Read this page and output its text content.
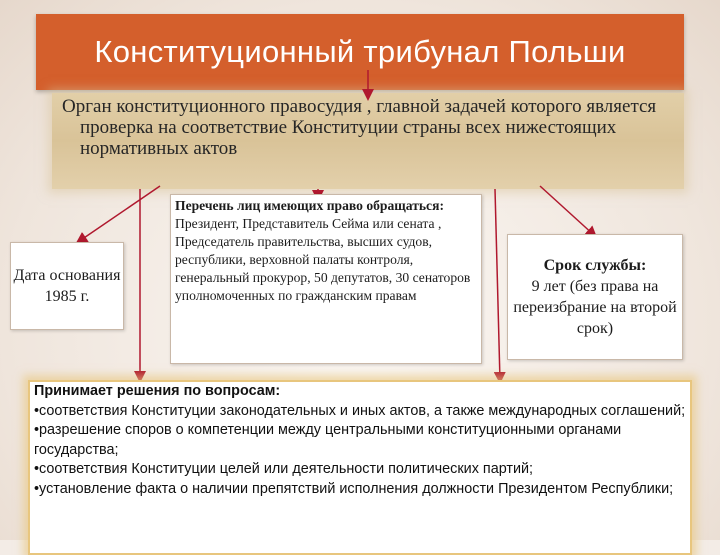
Конституционный трибунал Польши
Орган конституционного правосудия , главной задачей которого является проверка на соответствие Конституции страны всех нижестоящих нормативных актов
Дата основания
1985 г.
Перечень лиц имеющих право обращаться:
Президент, Представитель Сейма или сената , Председатель правительства, высших судов, республики, верховной палаты контроля, генеральный прокурор, 50 депутатов, 30 сенаторов уполномоченных по гражданским правам
Срок службы:
9 лет (без права на переизбрание на второй срок)
Принимает решения по вопросам:
•соответствия Конституции законодательных и иных актов, а также международных соглашений;
•разрешение споров о компетенции между центральными конституционными органами государства;
•соответствия Конституции целей или деятельности политических партий;
•установление факта о наличии препятствий исполнения должности Президентом Республики;
